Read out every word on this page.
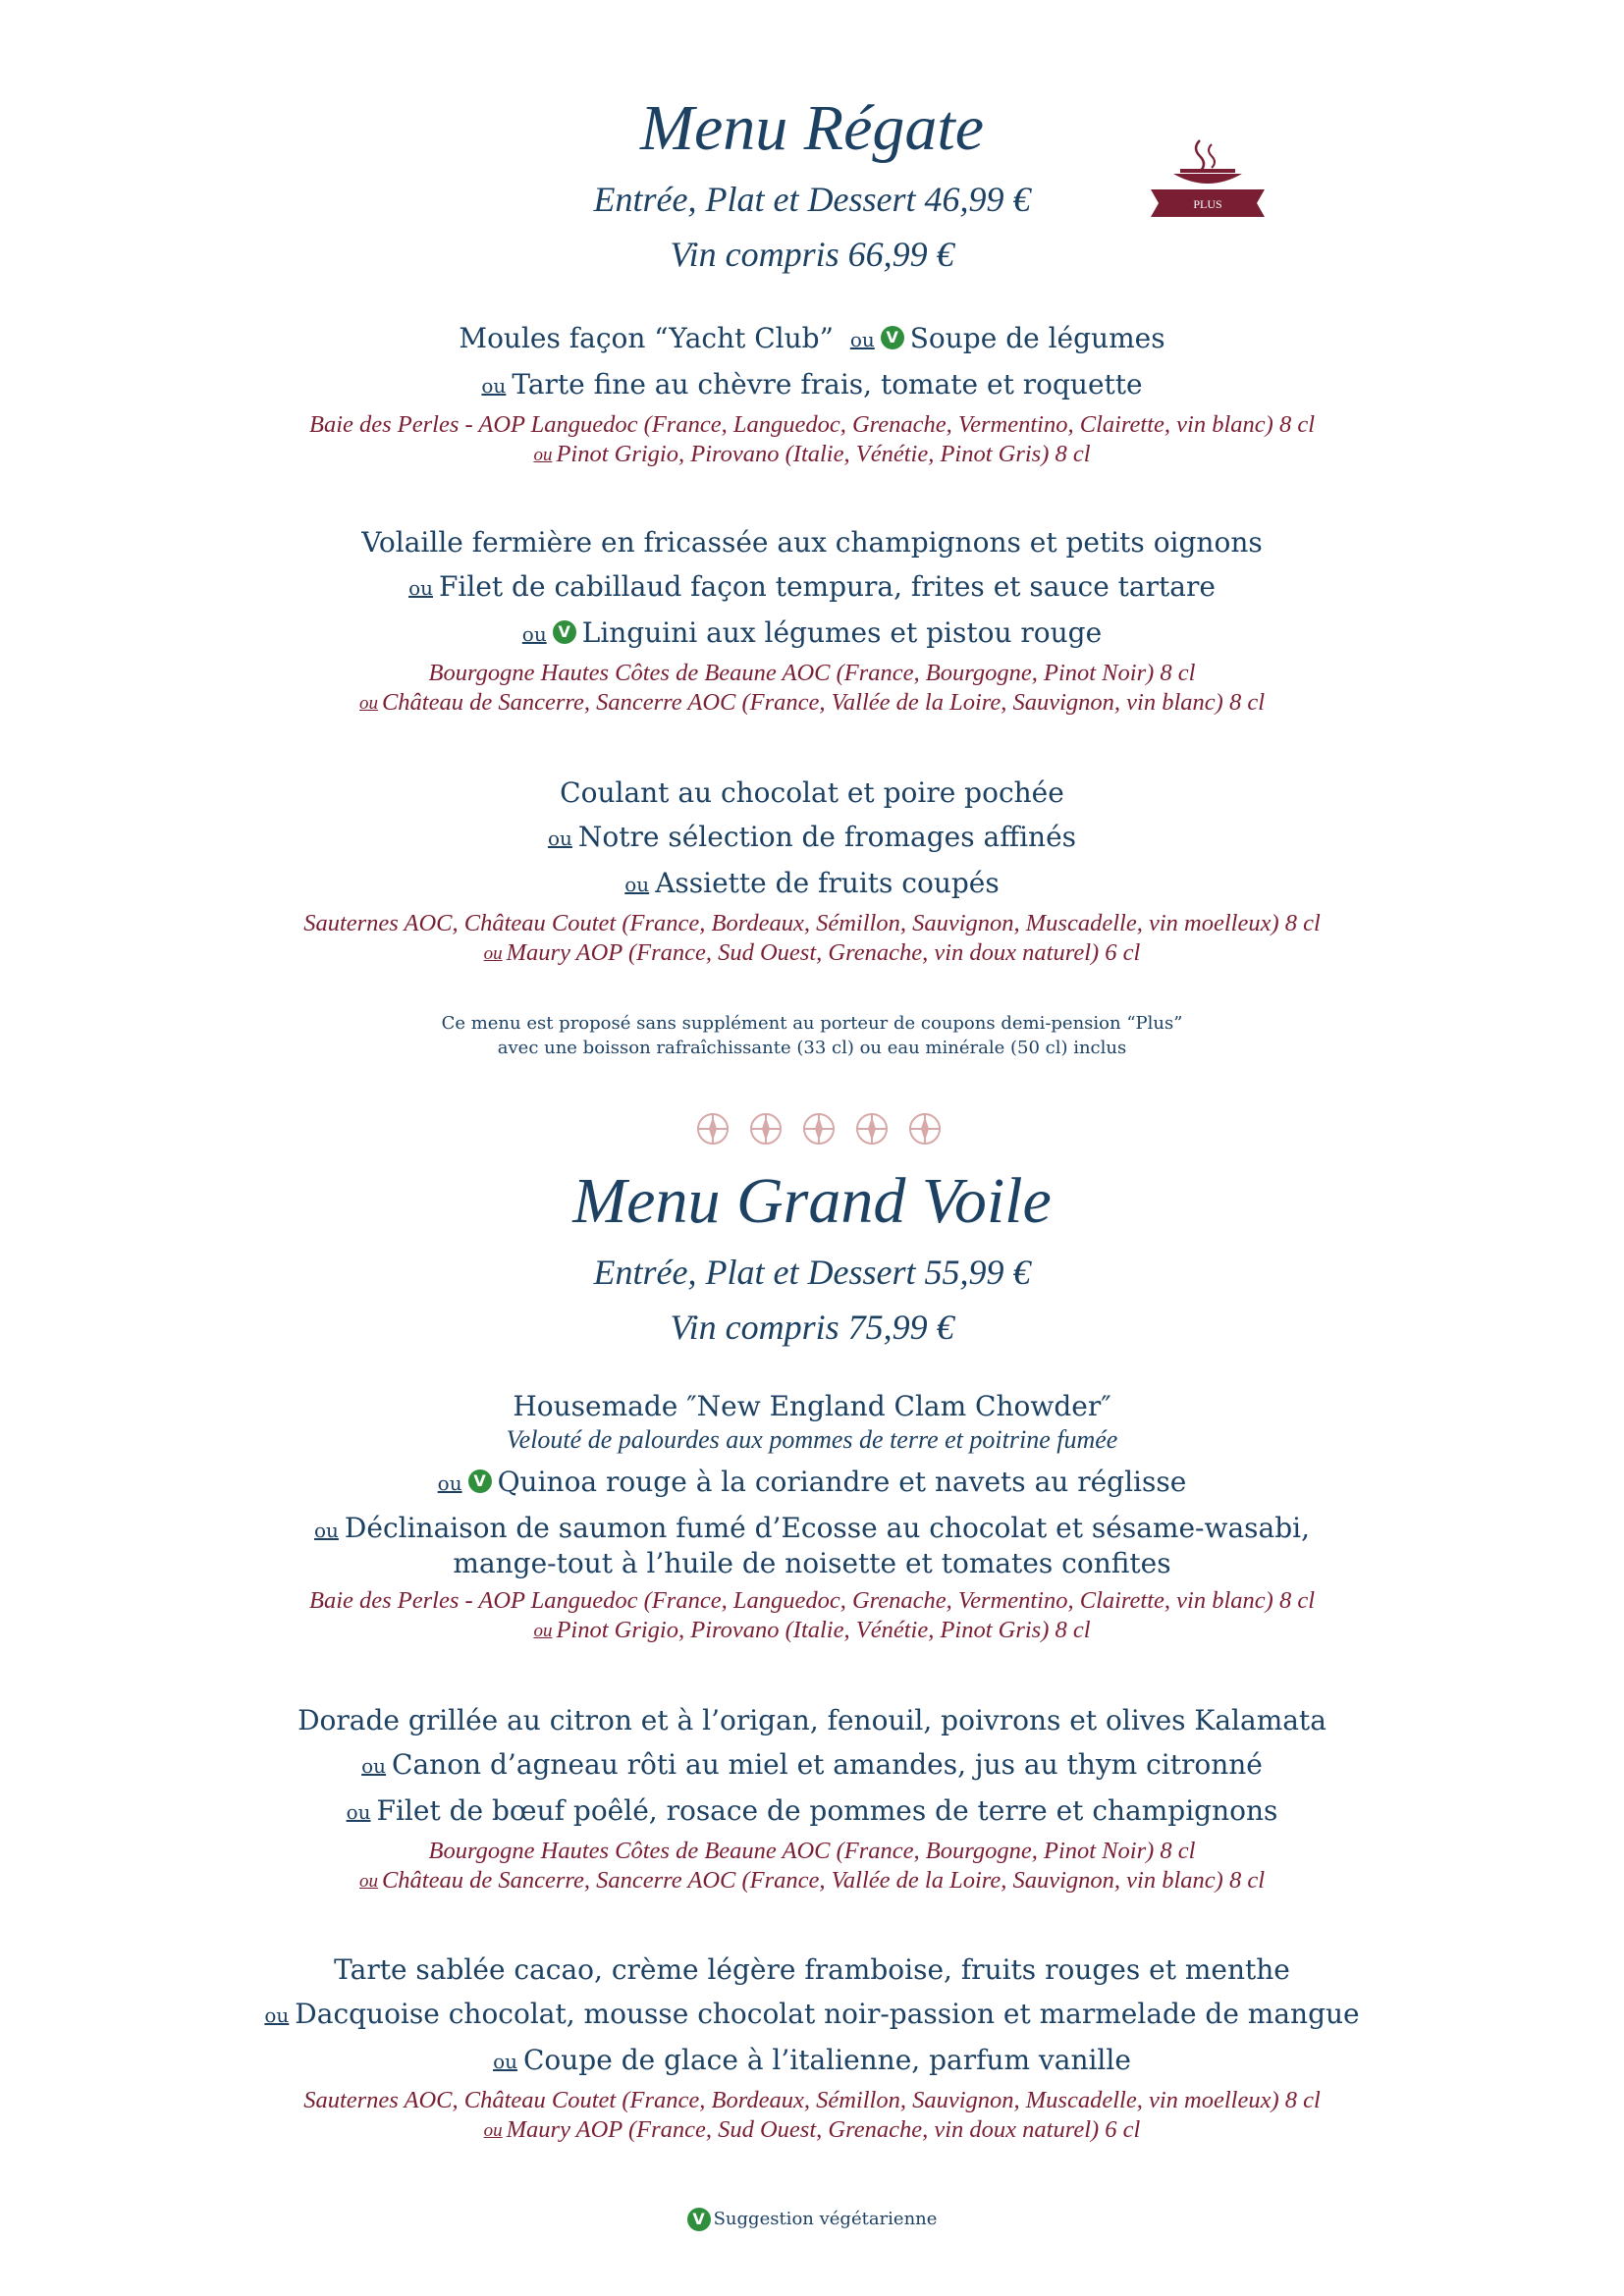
Menu Régate
Entrée, Plat et Dessert 46,99 €
Vin compris 66,99 €
PLUS
Moules façon “Yacht Club” ou V Soupe de légumes
ou Tarte fine au chèvre frais, tomate et roquette
Baie des Perles - AOP Languedoc (France, Languedoc, Grenache, Vermentino, Clairette, vin blanc) 8 cl
ou Pinot Grigio, Pirovano (Italie, Vénétie, Pinot Gris) 8 cl
Volaille fermière en fricassée aux champignons et petits oignons
ou Filet de cabillaud façon tempura, frites et sauce tartare
ou V Linguini aux légumes et pistou rouge
Bourgogne Hautes Côtes de Beaune AOC (France, Bourgogne, Pinot Noir) 8 cl
ou Château de Sancerre, Sancerre AOC (France, Vallée de la Loire, Sauvignon, vin blanc) 8 cl
Coulant au chocolat et poire pochée
ou Notre sélection de fromages affinés
ou Assiette de fruits coupés
Sauternes AOC, Château Coutet (France, Bordeaux, Sémillon, Sauvignon, Muscadelle, vin moelleux) 8 cl
ou Maury AOP (France, Sud Ouest, Grenache, vin doux naturel) 6 cl
Ce menu est proposé sans supplément au porteur de coupons demi-pension “Plus”
avec une boisson rafraîchissante (33 cl) ou eau minérale (50 cl) inclus
Menu Grand Voile
Entrée, Plat et Dessert 55,99 €
Vin compris 75,99 €
Housemade ″New England Clam Chowder″
Velouté de palourdes aux pommes de terre et poitrine fumée
ou V Quinoa rouge à la coriandre et navets au réglisse
ou Déclinaison de saumon fumé d’Ecosse au chocolat et sésame-wasabi,
mange-tout à l’huile de noisette et tomates confites
Baie des Perles - AOP Languedoc (France, Languedoc, Grenache, Vermentino, Clairette, vin blanc) 8 cl
ou Pinot Grigio, Pirovano (Italie, Vénétie, Pinot Gris) 8 cl
Dorade grillée au citron et à l’origan, fenouil, poivrons et olives Kalamata
ou Canon d’agneau rôti au miel et amandes, jus au thym citronné
ou Filet de bœuf poêlé, rosace de pommes de terre et champignons
Bourgogne Hautes Côtes de Beaune AOC (France, Bourgogne, Pinot Noir) 8 cl
ou Château de Sancerre, Sancerre AOC (France, Vallée de la Loire, Sauvignon, vin blanc) 8 cl
Tarte sablée cacao, crème légère framboise, fruits rouges et menthe
ou Dacquoise chocolat, mousse chocolat noir-passion et marmelade de mangue
ou Coupe de glace à l’italienne, parfum vanille
Sauternes AOC, Château Coutet (France, Bordeaux, Sémillon, Sauvignon, Muscadelle, vin moelleux) 8 cl
ou Maury AOP (France, Sud Ouest, Grenache, vin doux naturel) 6 cl
V Suggestion végétarienne
